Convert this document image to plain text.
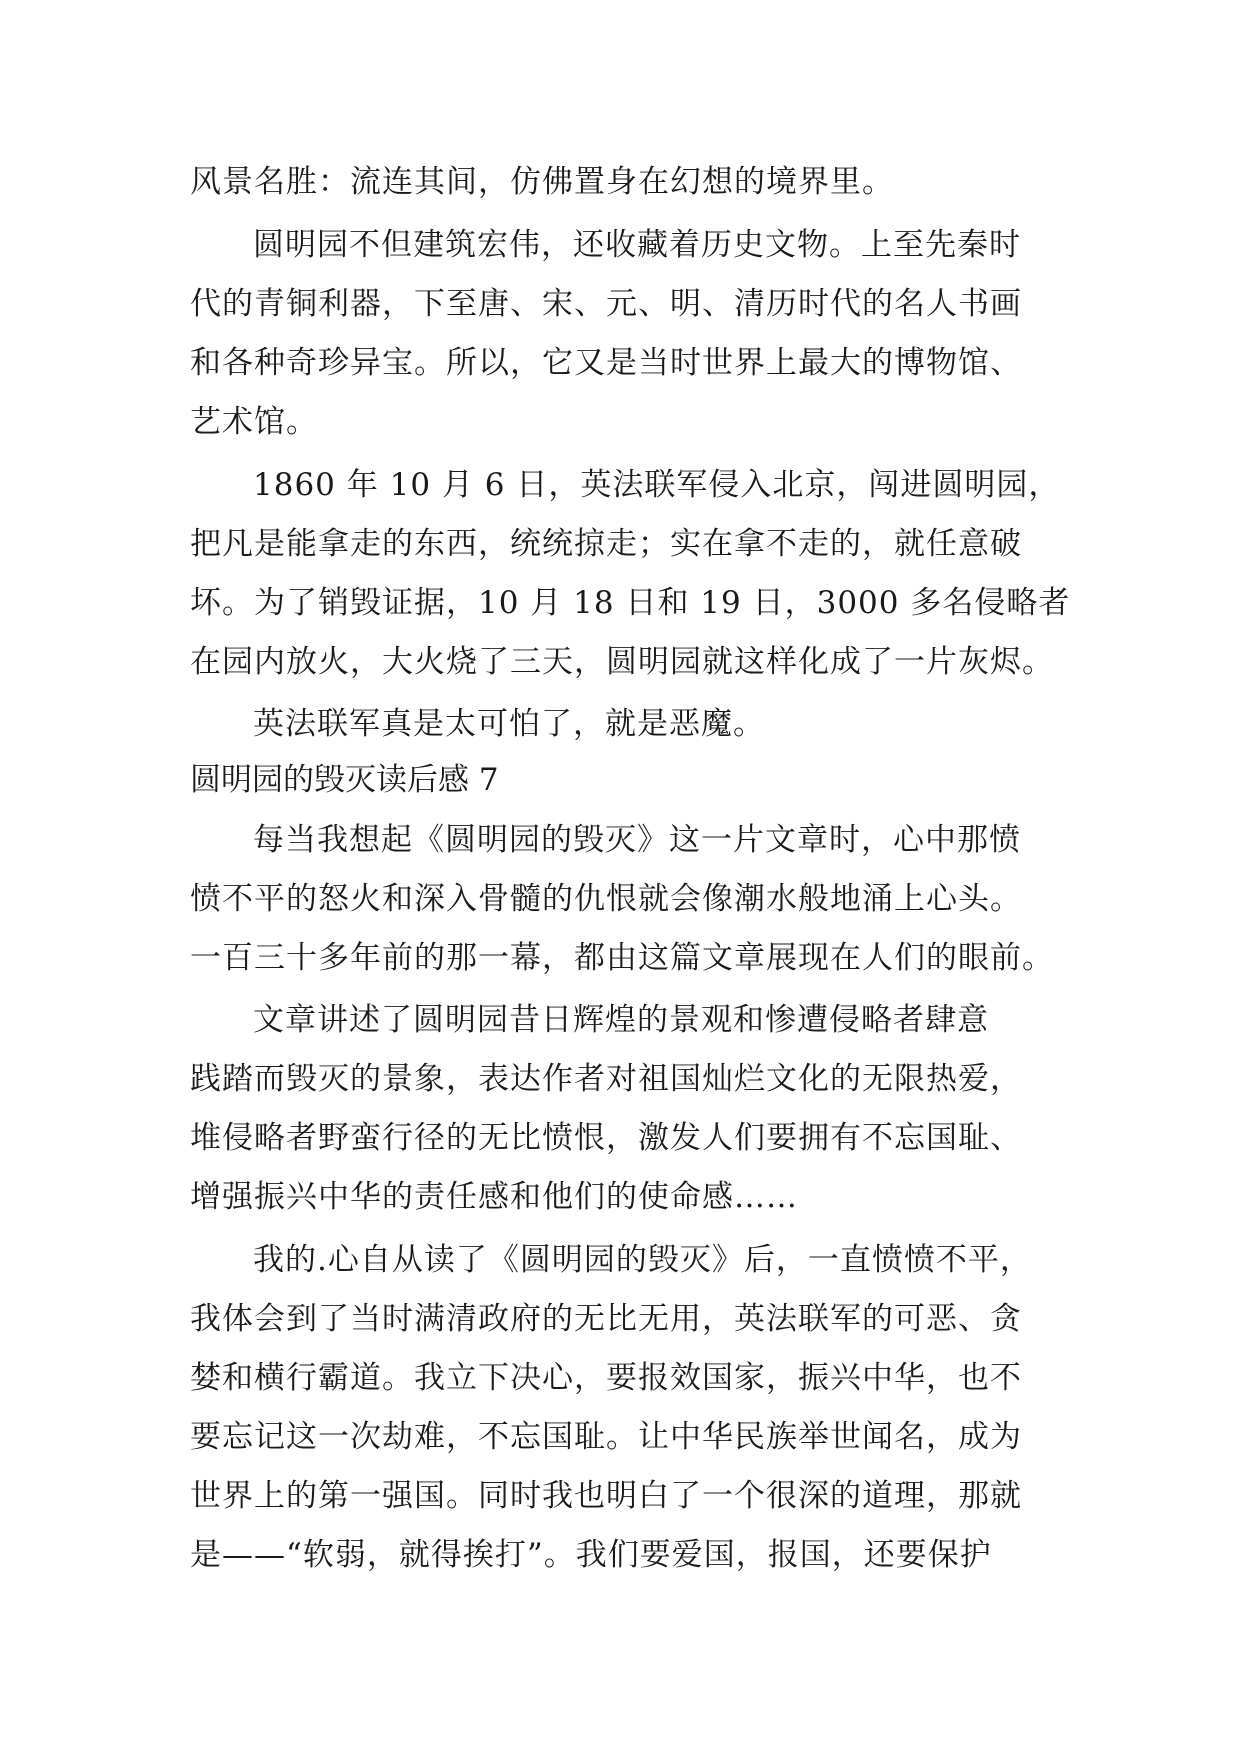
风景名胜：流连其间，仿佛置身在幻想的境界里。

圆明园不但建筑宏伟，还收藏着历史文物。上至先秦时

代的青铜利器，下至唐、宋、元、明、清历时代的名人书画

和各种奇珍异宝。所以，它又是当时世界上最大的博物馆、

艺术馆。

1860 年 10 月 6 日，英法联军侵入北京，闯进圆明园，

把凡是能拿走的东西，统统掠走；实在拿不走的，就任意破

坏。为了销毁证据，10 月 18 日和 19 日，3000 多名侵略者

在园内放火，大火烧了三天，圆明园就这样化成了一片灰烬。

英法联军真是太可怕了，就是恶魔。

圆明园的毁灭读后感 7

每当我想起《圆明园的毁灭》这一片文章时，心中那愤

愤不平的怒火和深入骨髓的仇恨就会像潮水般地涌上心头。

一百三十多年前的那一幕，都由这篇文章展现在人们的眼前。

文章讲述了圆明园昔日辉煌的景观和惨遭侵略者肆意

践踏而毁灭的景象，表达作者对祖国灿烂文化的无限热爱，

堆侵略者野蛮行径的无比愤恨，激发人们要拥有不忘国耻、

增强振兴中华的责任感和他们的使命感……

我的.心自从读了《圆明园的毁灭》后，一直愤愤不平，

我体会到了当时满清政府的无比无用，英法联军的可恶、贪

婪和横行霸道。我立下决心，要报效国家，振兴中华，也不

要忘记这一次劫难，不忘国耻。让中华民族举世闻名，成为

世界上的第一强国。同时我也明白了一个很深的道理，那就

是——“软弱，就得挨打”。我们要爱国，报国，还要保护
